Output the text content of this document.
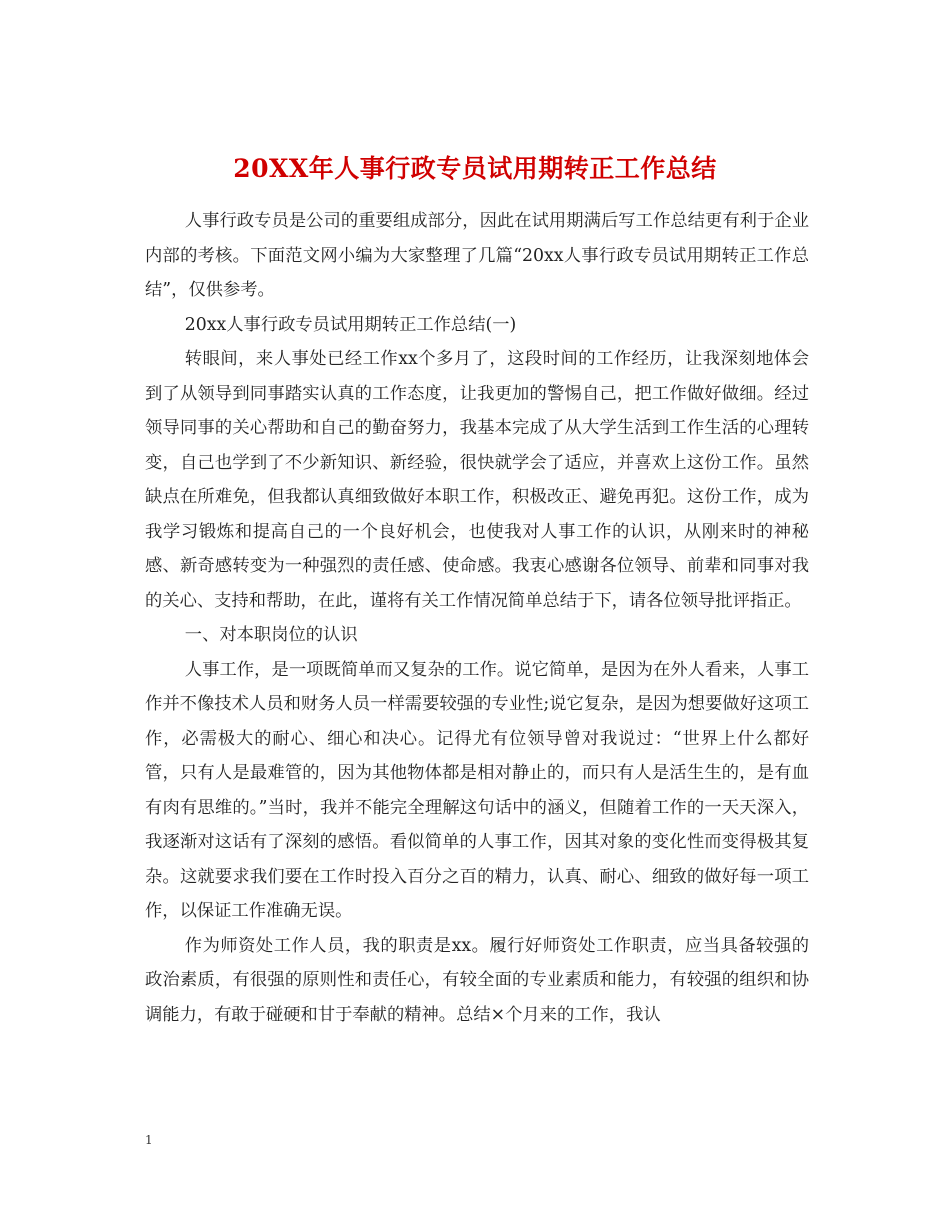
20XX年人事行政专员试用期转正工作总结

人事行政专员是公司的重要组成部分，因此在试用期满后写工作总结更有利于企业内部的考核。下面范文网小编为大家整理了几篇“20xx人事行政专员试用期转正工作总结”，仅供参考。

20xx人事行政专员试用期转正工作总结(一)

转眼间，来人事处已经工作xx个多月了，这段时间的工作经历，让我深刻地体会到了从领导到同事踏实认真的工作态度，让我更加的警惕自己，把工作做好做细。经过领导同事的关心帮助和自己的勤奋努力，我基本完成了从大学生活到工作生活的心理转变，自己也学到了不少新知识、新经验，很快就学会了适应，并喜欢上这份工作。虽然缺点在所难免，但我都认真细致做好本职工作，积极改正、避免再犯。这份工作，成为我学习锻炼和提高自己的一个良好机会，也使我对人事工作的认识，从刚来时的神秘感、新奇感转变为一种强烈的责任感、使命感。我衷心感谢各位领导、前辈和同事对我的关心、支持和帮助，在此，谨将有关工作情况简单总结于下，请各位领导批评指正。

一、对本职岗位的认识

人事工作，是一项既简单而又复杂的工作。说它简单，是因为在外人看来，人事工作并不像技术人员和财务人员一样需要较强的专业性;说它复杂，是因为想要做好这项工作，必需极大的耐心、细心和决心。记得尤有位领导曾对我说过：“世界上什么都好管，只有人是最难管的，因为其他物体都是相对静止的，而只有人是活生生的，是有血有肉有思维的。”当时，我并不能完全理解这句话中的涵义，但随着工作的一天天深入，我逐渐对这话有了深刻的感悟。看似简单的人事工作，因其对象的变化性而变得极其复杂。这就要求我们要在工作时投入百分之百的精力，认真、耐心、细致的做好每一项工作，以保证工作准确无误。

作为师资处工作人员，我的职责是xx。履行好师资处工作职责，应当具备较强的政治素质，有很强的原则性和责任心，有较全面的专业素质和能力，有较强的组织和协调能力，有敢于碰硬和甘于奉献的精神。总结×个月来的工作，我认

1
